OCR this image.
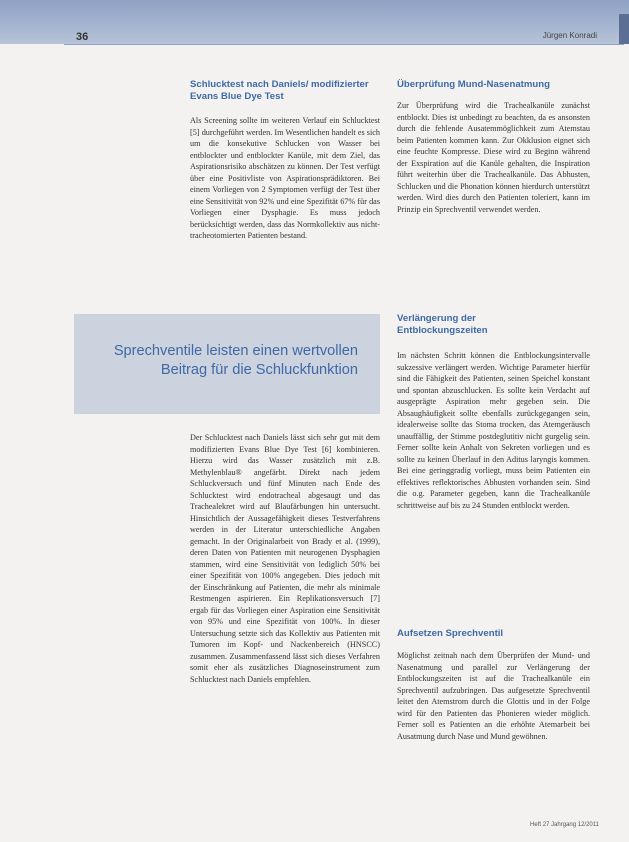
36	Jürgen Konradi
Schlucktest nach Daniels/ modifizierter Evans Blue Dye Test

Als Screening sollte im weiteren Verlauf ein Schlucktest [5] durchgeführt werden. Im Wesentlichen handelt es sich um die konsekutive Schlucken von Wasser bei entblockter und entblockter Kanüle, mit dem Ziel, das Aspirationsrisiko abschätzen zu können. Der Test verfügt über eine Positivliste von Aspirationsprädiktoren. Bei einem Vorliegen von 2 Symptomen verfügt der Test über eine Sensitivität von 92% und eine Spezifität 67% für das Vorliegen einer Dysphagie. Es muss jedoch berücksichtigt werden, dass das Normkollektiv aus nicht-tracheotomierten Patienten bestand.

Sprechventile leisten einen wertvollen Beitrag für die Schluckfunktion

Der Schlucktest nach Daniels lässt sich sehr gut mit dem modifizierten Evans Blue Dye Test [6] kombinieren. Hierzu wird das Wasser zusätzlich mit z.B. Methylenblau® angefärbt. Direkt nach jedem Schluckversuch und fünf Minuten nach Ende des Schlucktest wird endotracheal abgesaugt und das Trachealekret wird auf Blaufärbungen hin untersucht. Hinsichtlich der Aussagefähigkeit dieses Testverfahrens werden in der Literatur unterschiedliche Angaben gemacht. In der Originalarbeit von Brady et al. (1999), deren Daten von Patienten mit neurogenen Dysphagien stammen, wird eine Sensitivität von lediglich 50% bei einer Spezifität von 100% angegeben. Dies jedoch mit der Einschränkung auf Patienten, die mehr als minimale Restmengen aspirieren. Ein Replikationsversuch [7] ergab für das Vorliegen einer Aspiration eine Sensitivität von 95% und eine Spezifität von 100%. In dieser Untersuchung setzte sich das Kollektiv aus Patienten mit Tumoren im Kopf- und Nackenbereich (HNSCC) zusammen. Zusammenfassend lässt sich dieses Verfahren somit eher als zusätzliches Diagnoseinstrument zum Schlucktest nach Daniels empfehlen.

Überprüfung Mund-Nasenatmung

Zur Überprüfung wird die Trachealkanüle zunächst entblockt. Dies ist unbedingt zu beachten, da es ansonsten durch die fehlende Ausatemmöglichkeit zum Atemstau beim Patienten kommen kann. Zur Okklusion eignet sich eine feuchte Kompresse. Diese wird zu Beginn während der Exspiration auf die Kanüle gehalten, die Inspiration führt weiterhin über die Trachealkanüle. Das Abhusten, Schlucken und die Phonation können hierdurch unterstützt werden. Wird dies durch den Patienten toleriert, kann im Prinzip ein Sprechventil verwendet werden.

Verlängerung der Entblockungszeiten

Im nächsten Schritt können die Entblockungsintervalle sukzessive verlängert werden. Wichtige Parameter hierfür sind die Fähigkeit des Patienten, seinen Speichel konstant und spontan abzuschlucken. Es sollte kein Verdacht auf ausgeprägte Aspiration mehr gegeben sein. Die Absaughäufigkeit sollte ebenfalls zurückgegangen sein, idealerweise sollte das Stoma trocken, das Atemgeräusch unauffällig, der Stimme postdeglutitiv nicht gurgelig sein. Ferner sollte kein Anhalt von Sekreten vorliegen und es sollte zu keinen Überlauf in den Aditus laryngis kommen. Bei eine geringgradig vorliegt, muss beim Patienten ein effektives reflektorisches Abhusten vorhanden sein. Sind die o.g. Parameter gegeben, kann die Trachealkanüle schrittweise auf bis zu 24 Stunden entblockt werden.

Aufsetzen Sprechventil

Möglichst zeitnah nach dem Überprüfen der Mund- und Nasenatmung und parallel zur Verlängerung der Entblockungszeiten ist auf die Trachealkanüle ein Sprechventil aufzubringen. Das aufgesetzte Sprechventil leitet den Atemstrom durch die Glottis und in der Folge wird für den Patienten das Phonieren wieder möglich. Ferner soll es Patienten an die erhöhte Atemarbeit bei Ausatmung durch Nase und Mund gewöhnen.

Heft 27 Jahrgang 12/2011
